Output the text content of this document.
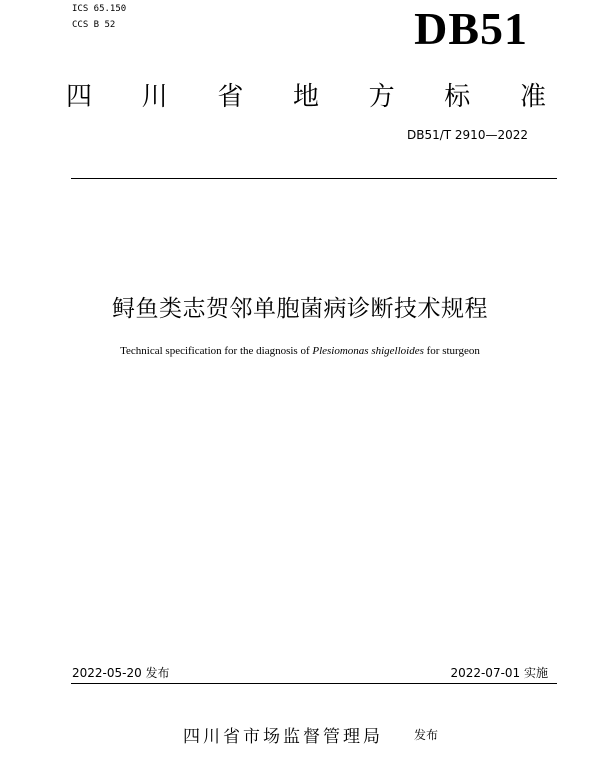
ICS 65.150
CCS B 52	DB51
四 川 省 地 方 标 准
DB51/T 2910—2022
鲟鱼类志贺邻单胞菌病诊断技术规程
Technical specification for the diagnosis of Plesiomonas shigelloides for sturgeon
2022-05-20 发布	2022-07-01 实施
四川省市场监督管理局	发布
